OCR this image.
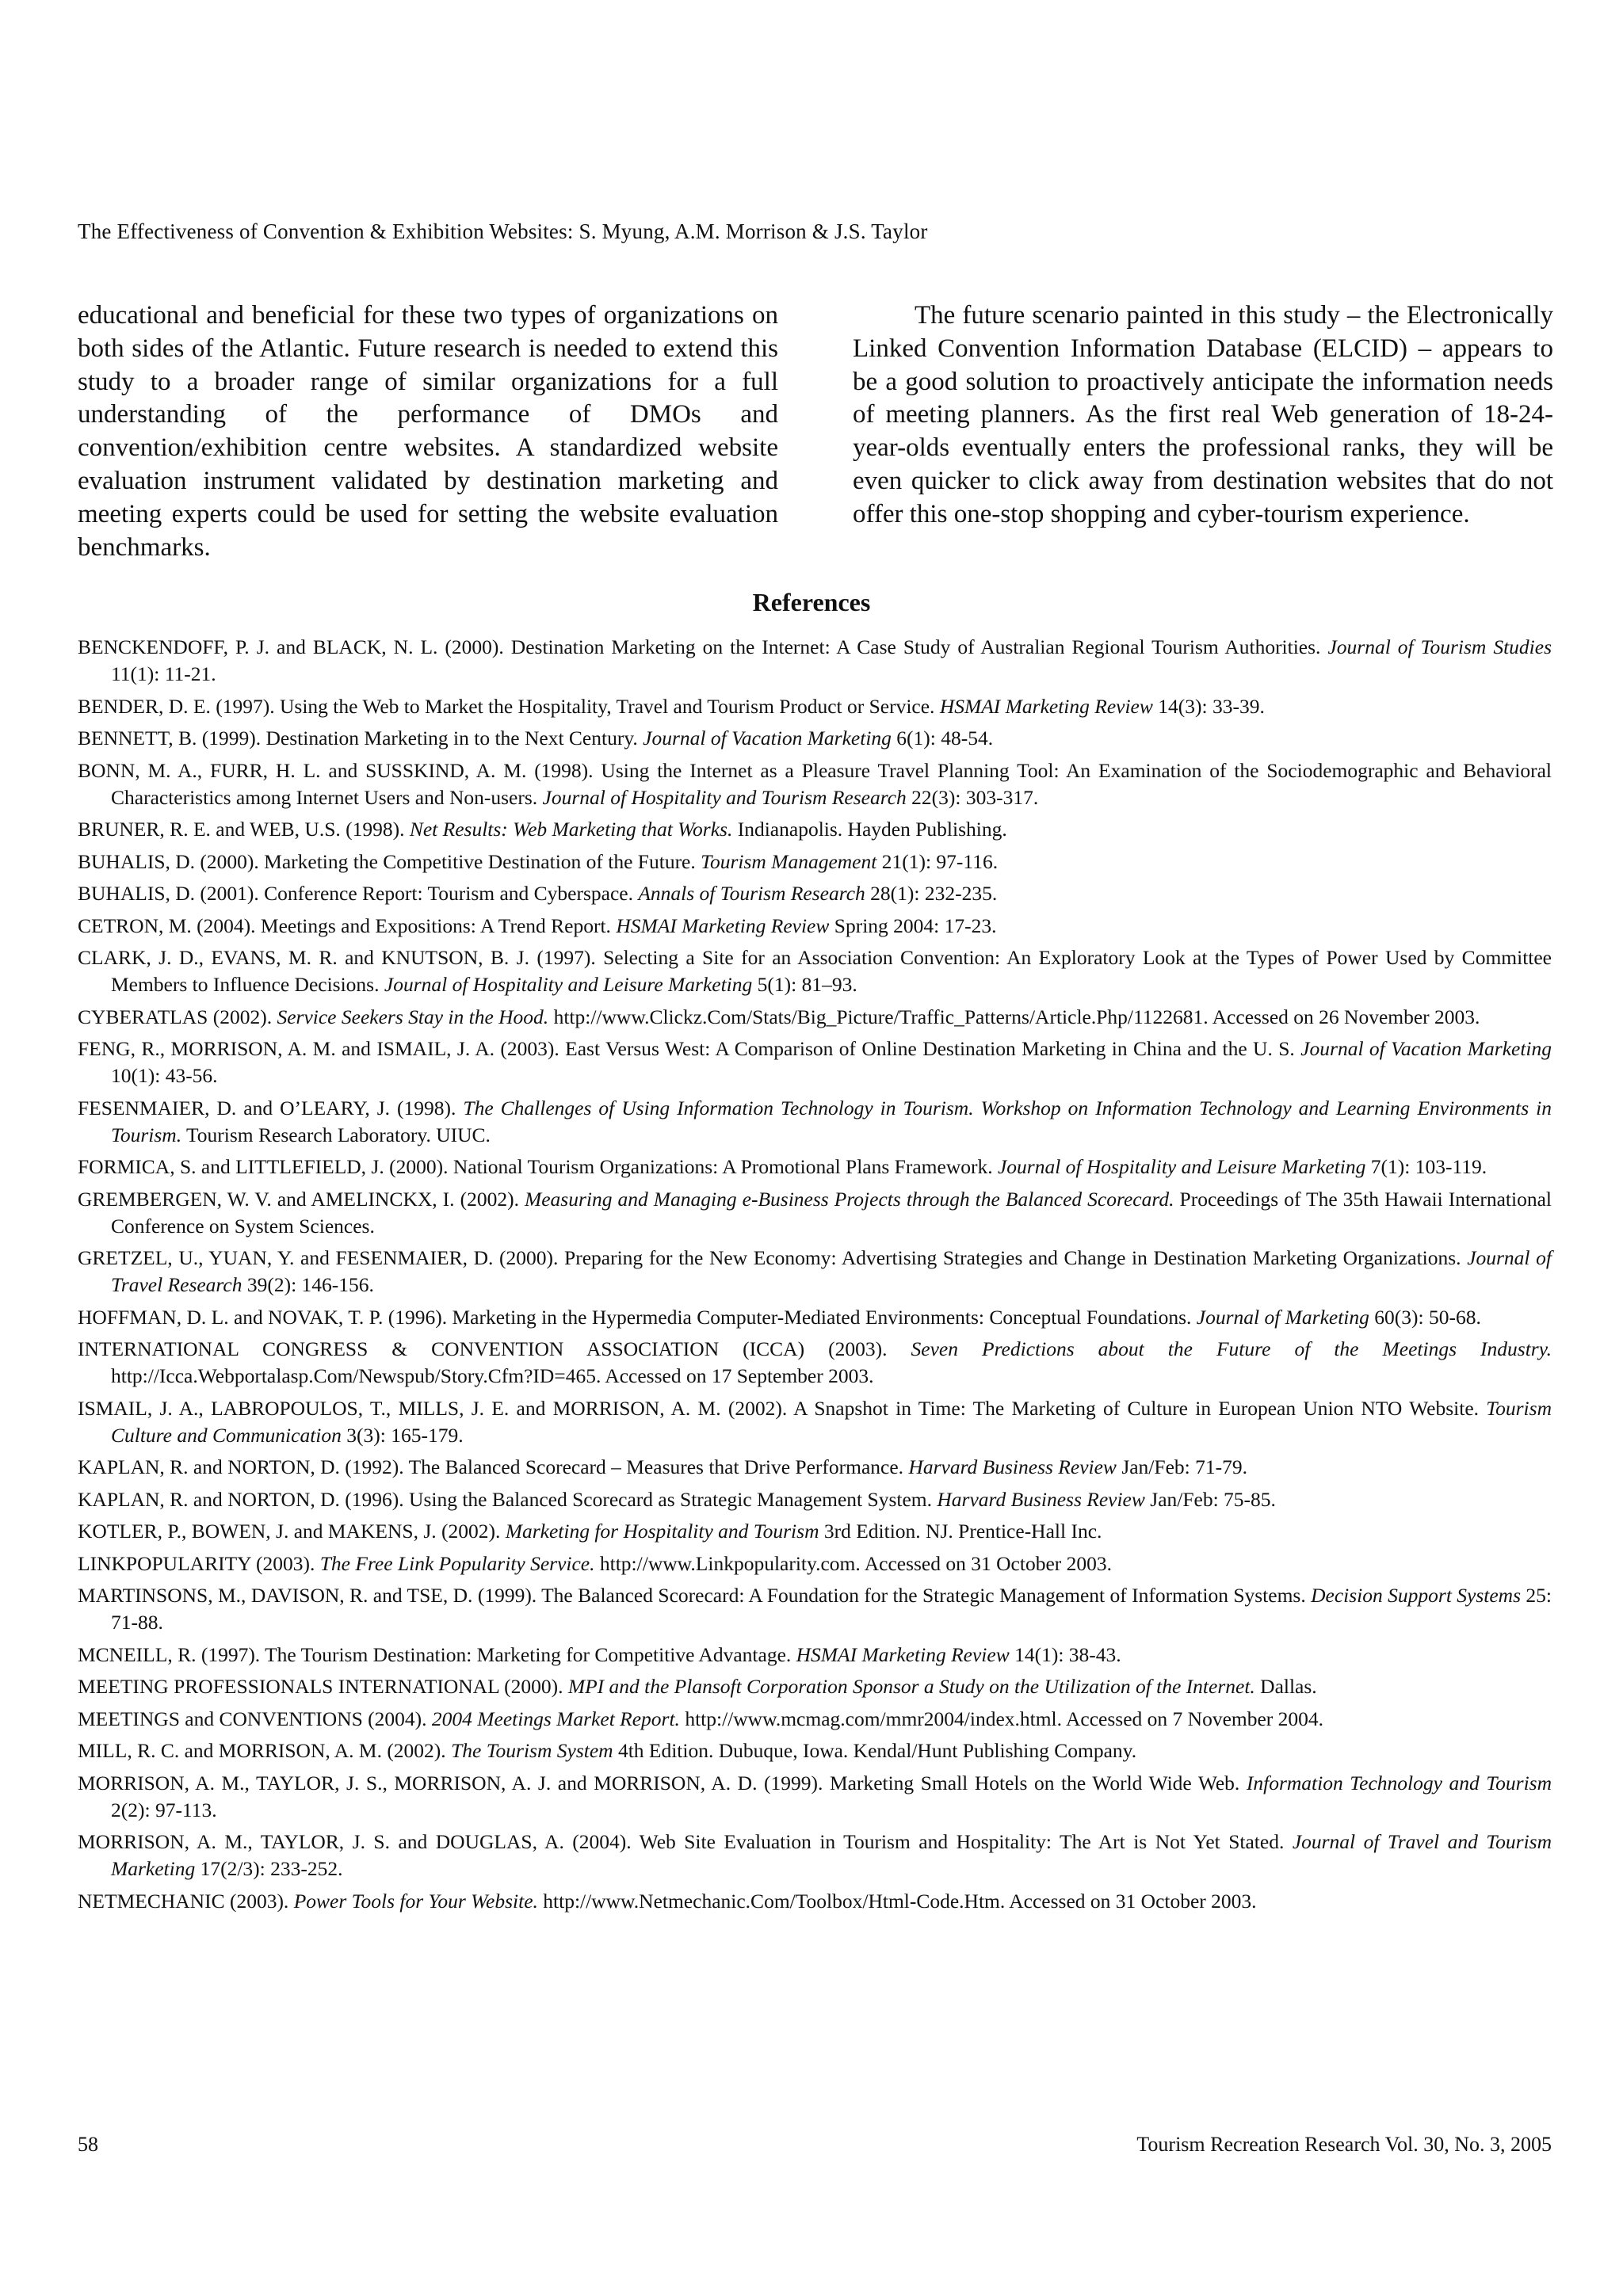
The Effectiveness of Convention & Exhibition Websites: S. Myung, A.M. Morrison & J.S. Taylor

educational and beneficial for these two types of organizations on both sides of the Atlantic. Future research is needed to extend this study to a broader range of similar organizations for a full understanding of the performance of DMOs and convention/exhibition centre websites. A standardized website evaluation instrument validated by destination marketing and meeting experts could be used for setting the website evaluation benchmarks.

The future scenario painted in this study – the Electronically Linked Convention Information Database (ELCID) – appears to be a good solution to proactively anticipate the information needs of meeting planners. As the first real Web generation of 18-24-year-olds eventually enters the professional ranks, they will be even quicker to click away from destination websites that do not offer this one-stop shopping and cyber-tourism experience.

References
BENCKENDOFF, P. J. and BLACK, N. L. (2000). Destination Marketing on the Internet: A Case Study of Australian Regional Tourism Authorities. Journal of Tourism Studies 11(1): 11-21.
BENDER, D. E. (1997). Using the Web to Market the Hospitality, Travel and Tourism Product or Service. HSMAI Marketing Review 14(3): 33-39.
BENNETT, B. (1999). Destination Marketing in to the Next Century. Journal of Vacation Marketing 6(1): 48-54.
BONN, M. A., FURR, H. L. and SUSSKIND, A. M. (1998). Using the Internet as a Pleasure Travel Planning Tool: An Examination of the Sociodemographic and Behavioral Characteristics among Internet Users and Non-users. Journal of Hospitality and Tourism Research 22(3): 303-317.
BRUNER, R. E. and WEB, U.S. (1998). Net Results: Web Marketing that Works. Indianapolis. Hayden Publishing.
BUHALIS, D. (2000). Marketing the Competitive Destination of the Future. Tourism Management 21(1): 97-116.
BUHALIS, D. (2001). Conference Report: Tourism and Cyberspace. Annals of Tourism Research 28(1): 232-235.
CETRON, M. (2004). Meetings and Expositions: A Trend Report. HSMAI Marketing Review Spring 2004: 17-23.
CLARK, J. D., EVANS, M. R. and KNUTSON, B. J. (1997). Selecting a Site for an Association Convention: An Exploratory Look at the Types of Power Used by Committee Members to Influence Decisions. Journal of Hospitality and Leisure Marketing 5(1): 81–93.
CYBERATLAS (2002). Service Seekers Stay in the Hood. http://www.Clickz.Com/Stats/Big_Picture/Traffic_Patterns/Article.Php/1122681. Accessed on 26 November 2003.
FENG, R., MORRISON, A. M. and ISMAIL, J. A. (2003). East Versus West: A Comparison of Online Destination Marketing in China and the U. S. Journal of Vacation Marketing 10(1): 43-56.
FESENMAIER, D. and O’LEARY, J. (1998). The Challenges of Using Information Technology in Tourism. Workshop on Information Technology and Learning Environments in Tourism. Tourism Research Laboratory. UIUC.
FORMICA, S. and LITTLEFIELD, J. (2000). National Tourism Organizations: A Promotional Plans Framework. Journal of Hospitality and Leisure Marketing 7(1): 103-119.
GREMBERGEN, W. V. and AMELINCKX, I. (2002). Measuring and Managing e-Business Projects through the Balanced Scorecard. Proceedings of The 35th Hawaii International Conference on System Sciences.
GRETZEL, U., YUAN, Y. and FESENMAIER, D. (2000). Preparing for the New Economy: Advertising Strategies and Change in Destination Marketing Organizations. Journal of Travel Research 39(2): 146-156.
HOFFMAN, D. L. and NOVAK, T. P. (1996). Marketing in the Hypermedia Computer-Mediated Environments: Conceptual Foundations. Journal of Marketing 60(3): 50-68.
INTERNATIONAL CONGRESS & CONVENTION ASSOCIATION (ICCA) (2003). Seven Predictions about the Future of the Meetings Industry. http://Icca.Webportalasp.Com/Newspub/Story.Cfm?ID=465. Accessed on 17 September 2003.
ISMAIL, J. A., LABROPOULOS, T., MILLS, J. E. and MORRISON, A. M. (2002). A Snapshot in Time: The Marketing of Culture in European Union NTO Website. Tourism Culture and Communication 3(3): 165-179.
KAPLAN, R. and NORTON, D. (1992). The Balanced Scorecard – Measures that Drive Performance. Harvard Business Review Jan/Feb: 71-79.
KAPLAN, R. and NORTON, D. (1996). Using the Balanced Scorecard as Strategic Management System. Harvard Business Review Jan/Feb: 75-85.
KOTLER, P., BOWEN, J. and MAKENS, J. (2002). Marketing for Hospitality and Tourism 3rd Edition. NJ. Prentice-Hall Inc.
LINKPOPULARITY (2003). The Free Link Popularity Service. http://www.Linkpopularity.com. Accessed on 31 October 2003.
MARTINSONS, M., DAVISON, R. and TSE, D. (1999). The Balanced Scorecard: A Foundation for the Strategic Management of Information Systems. Decision Support Systems 25: 71-88.
MCNEILL, R. (1997). The Tourism Destination: Marketing for Competitive Advantage. HSMAI Marketing Review 14(1): 38-43.
MEETING PROFESSIONALS INTERNATIONAL (2000). MPI and the Plansoft Corporation Sponsor a Study on the Utilization of the Internet. Dallas.
MEETINGS and CONVENTIONS (2004). 2004 Meetings Market Report. http://www.mcmag.com/mmr2004/index.html. Accessed on 7 November 2004.
MILL, R. C. and MORRISON, A. M. (2002). The Tourism System 4th Edition. Dubuque, Iowa. Kendal/Hunt Publishing Company.
MORRISON, A. M., TAYLOR, J. S., MORRISON, A. J. and MORRISON, A. D. (1999). Marketing Small Hotels on the World Wide Web. Information Technology and Tourism 2(2): 97-113.
MORRISON, A. M., TAYLOR, J. S. and DOUGLAS, A. (2004). Web Site Evaluation in Tourism and Hospitality: The Art is Not Yet Stated. Journal of Travel and Tourism Marketing 17(2/3): 233-252.
NETMECHANIC (2003). Power Tools for Your Website. http://www.Netmechanic.Com/Toolbox/Html-Code.Htm. Accessed on 31 October 2003.
58	Tourism Recreation Research Vol. 30, No. 3, 2005
